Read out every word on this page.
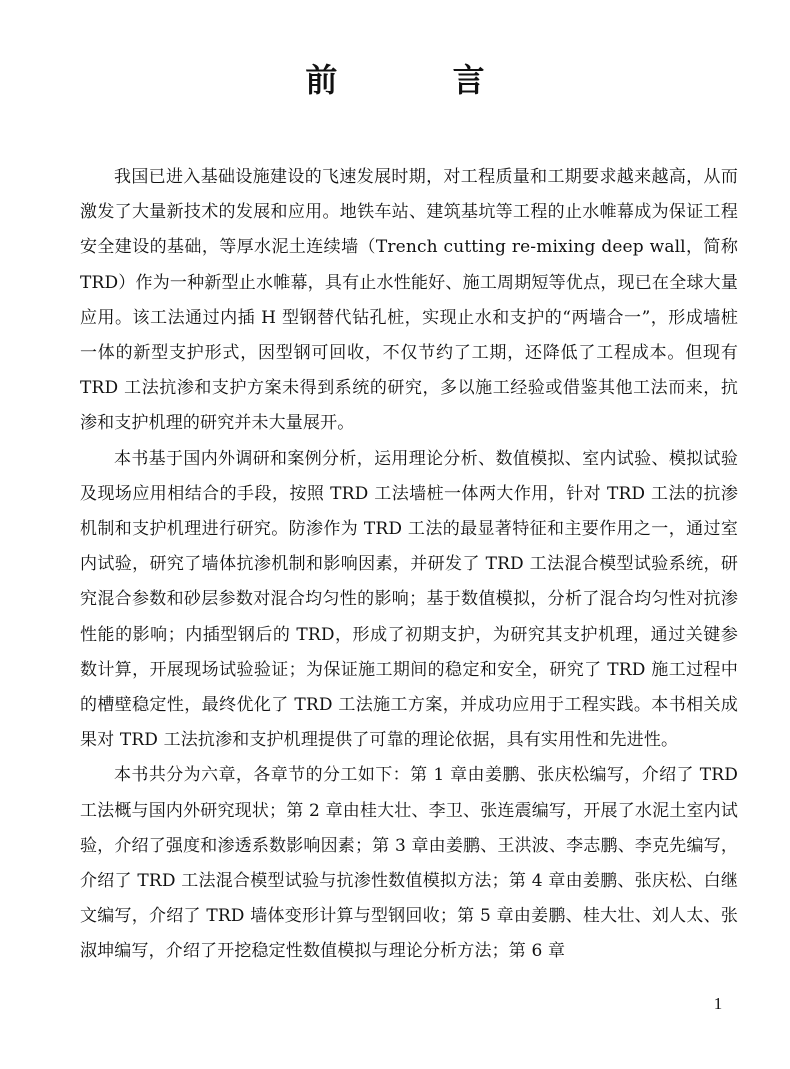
前 言

我国已进入基础设施建设的飞速发展时期，对工程质量和工期要求越来越高，从而激发了大量新技术的发展和应用。地铁车站、建筑基坑等工程的止水帷幕成为保证工程安全建设的基础，等厚水泥土连续墙（Trench cutting re-mixing deep wall，简称 TRD）作为一种新型止水帷幕，具有止水性能好、施工周期短等优点，现已在全球大量应用。该工法通过内插 H 型钢替代钻孔桩，实现止水和支护的“两墙合一”，形成墙桩一体的新型支护形式，因型钢可回收，不仅节约了工期，还降低了工程成本。但现有 TRD 工法抗渗和支护方案未得到系统的研究，多以施工经验或借鉴其他工法而来，抗渗和支护机理的研究并未大量展开。

本书基于国内外调研和案例分析，运用理论分析、数值模拟、室内试验、模拟试验及现场应用相结合的手段，按照 TRD 工法墙桩一体两大作用，针对 TRD 工法的抗渗机制和支护机理进行研究。防渗作为 TRD 工法的最显著特征和主要作用之一，通过室内试验，研究了墙体抗渗机制和影响因素，并研发了 TRD 工法混合模型试验系统，研究混合参数和砂层参数对混合均匀性的影响；基于数值模拟，分析了混合均匀性对抗渗性能的影响；内插型钢后的 TRD，形成了初期支护，为研究其支护机理，通过关键参数计算，开展现场试验验证；为保证施工期间的稳定和安全，研究了 TRD 施工过程中的槽壁稳定性，最终优化了 TRD 工法施工方案，并成功应用于工程实践。本书相关成果对 TRD 工法抗渗和支护机理提供了可靠的理论依据，具有实用性和先进性。

本书共分为六章，各章节的分工如下：第 1 章由姜鹏、张庆松编写，介绍了 TRD 工法概与国内外研究现状；第 2 章由桂大壮、李卫、张连震编写，开展了水泥土室内试验，介绍了强度和渗透系数影响因素；第 3 章由姜鹏、王洪波、李志鹏、李克先编写，介绍了 TRD 工法混合模型试验与抗渗性数值模拟方法；第 4 章由姜鹏、张庆松、白继文编写，介绍了 TRD 墙体变形计算与型钢回收；第 5 章由姜鹏、桂大壮、刘人太、张淑坤编写，介绍了开挖稳定性数值模拟与理论分析方法；第 6 章

1
